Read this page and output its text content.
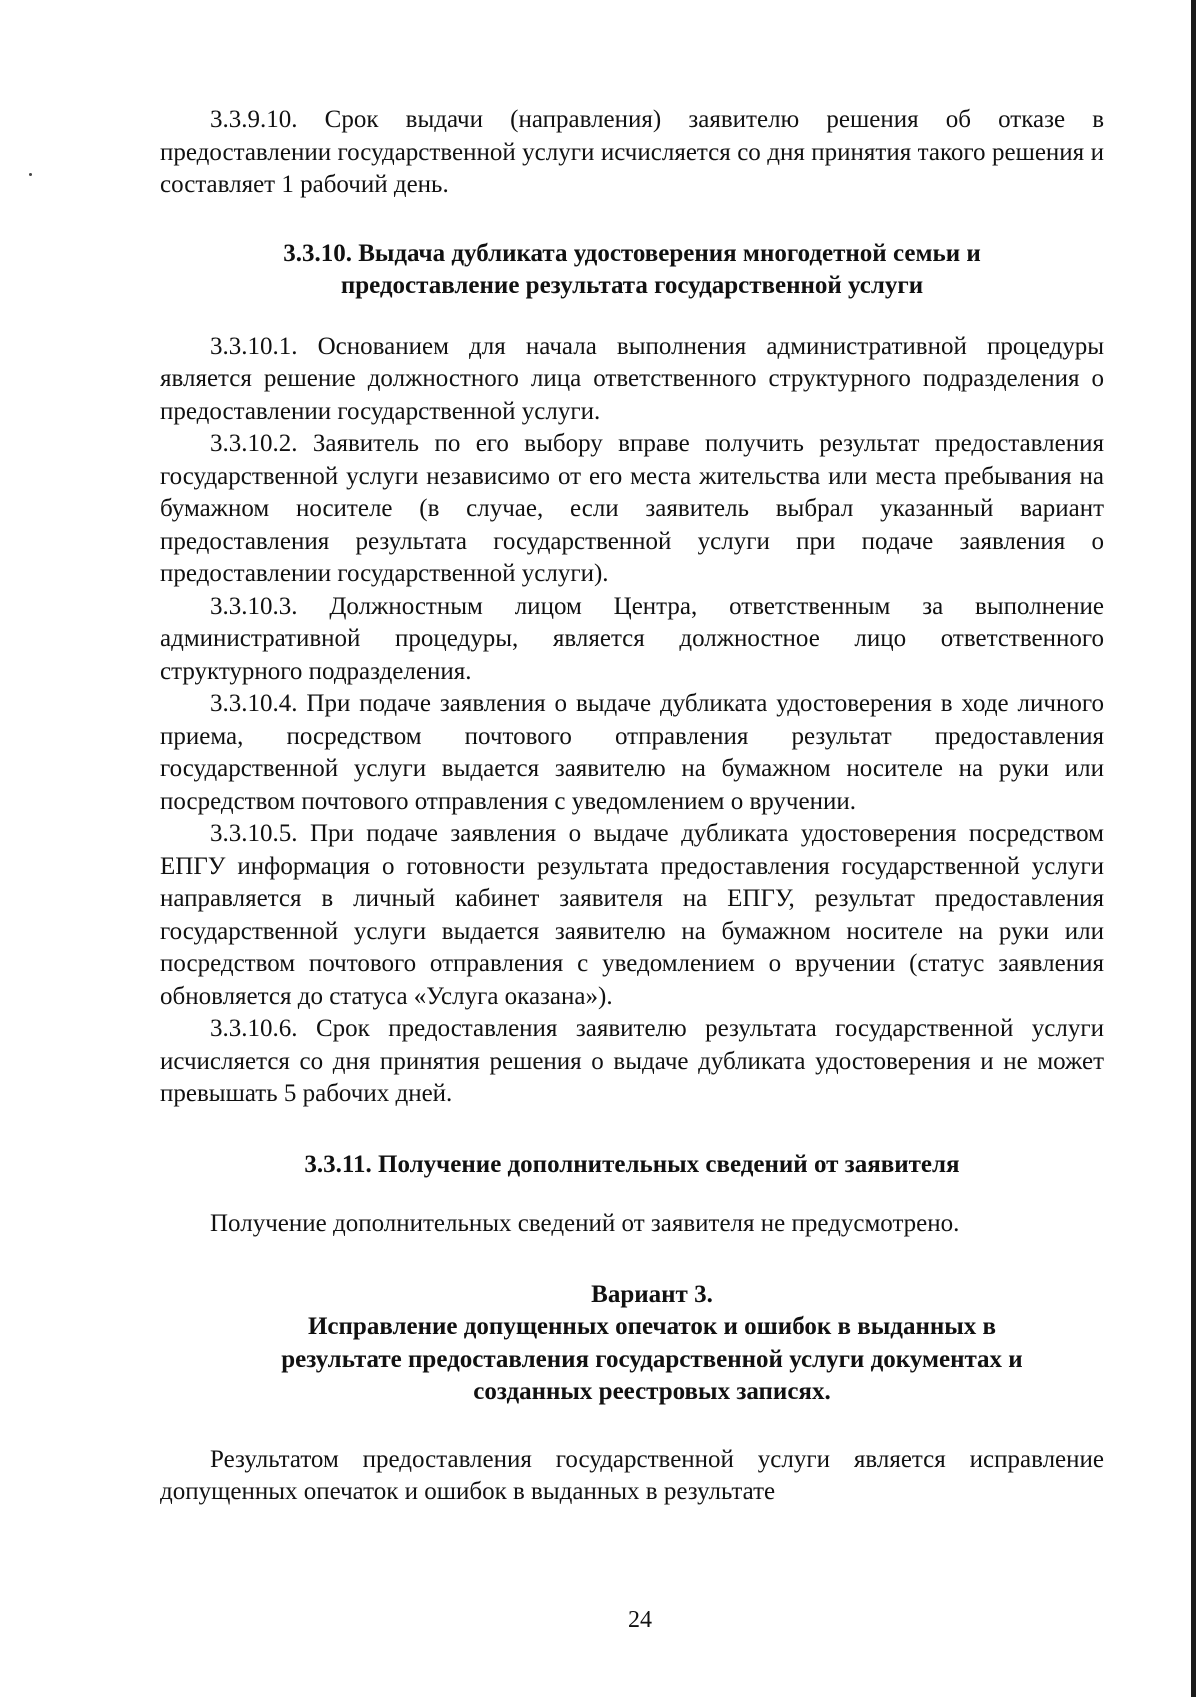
3.3.9.10. Срок выдачи (направления) заявителю решения об отказе в предоставлении государственной услуги исчисляется со дня принятия такого решения и составляет 1 рабочий день.

3.3.10. Выдача дубликата удостоверения многодетной семьи и
предоставление результата государственной услуги

3.3.10.1. Основанием для начала выполнения административной процедуры является решение должностного лица ответственного структурного подразделения о предоставлении государственной услуги.

3.3.10.2. Заявитель по его выбору вправе получить результат предоставления государственной услуги независимо от его места жительства или места пребывания на бумажном носителе (в случае, если заявитель выбрал указанный вариант предоставления результата государственной услуги при подаче заявления о предоставлении государственной услуги).

3.3.10.3. Должностным лицом Центра, ответственным за выполнение административной процедуры, является должностное лицо ответственного структурного подразделения.

3.3.10.4. При подаче заявления о выдаче дубликата удостоверения в ходе личного приема, посредством почтового отправления результат предоставления государственной услуги выдается заявителю на бумажном носителе на руки или посредством почтового отправления с уведомлением о вручении.

3.3.10.5. При подаче заявления о выдаче дубликата удостоверения посредством ЕПГУ информация о готовности результата предоставления государственной услуги направляется в личный кабинет заявителя на ЕПГУ, результат предоставления государственной услуги выдается заявителю на бумажном носителе на руки или посредством почтового отправления с уведомлением о вручении (статус заявления обновляется до статуса «Услуга оказана»).

3.3.10.6. Срок предоставления заявителю результата государственной услуги исчисляется со дня принятия решения о выдаче дубликата удостоверения и не может превышать 5 рабочих дней.

3.3.11. Получение дополнительных сведений от заявителя

Получение дополнительных сведений от заявителя не предусмотрено.

Вариант 3.
Исправление допущенных опечаток и ошибок в выданных в
результате предоставления государственной услуги документах и
созданных реестровых записях.

Результатом предоставления государственной услуги является исправление допущенных опечаток и ошибок в выданных в результате

24
